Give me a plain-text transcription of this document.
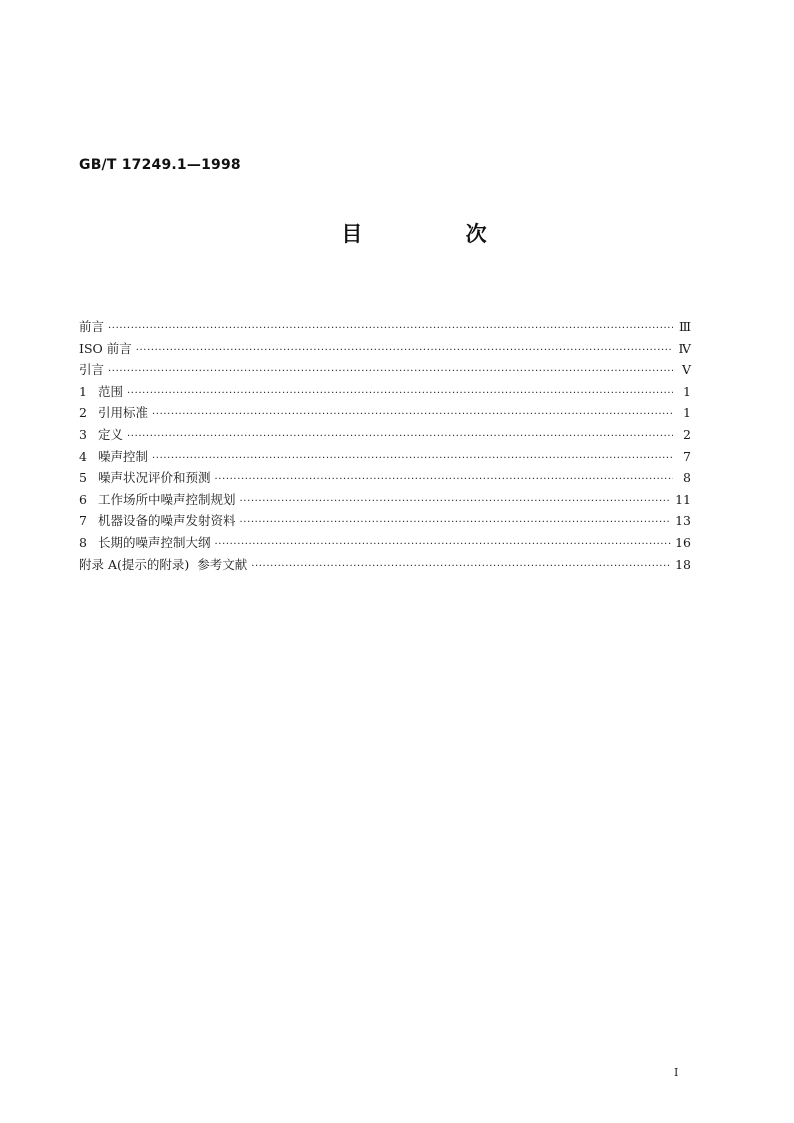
GB/T 17249.1—1998
目 次
前言 ·····	Ⅲ
ISO 前言 ·····	Ⅳ
引言 ·····	Ⅴ
1 范围 ·····	1
2 引用标准 ·····	1
3 定义 ·····	2
4 噪声控制 ·····	7
5 噪声状况评价和预测 ·····	8
6 工作场所中噪声控制规划 ·····	11
7 机器设备的噪声发射资料 ·····	13
8 长期的噪声控制大纲 ·····	16
附录 A(提示的附录)  参考文献 ·····	18
I
